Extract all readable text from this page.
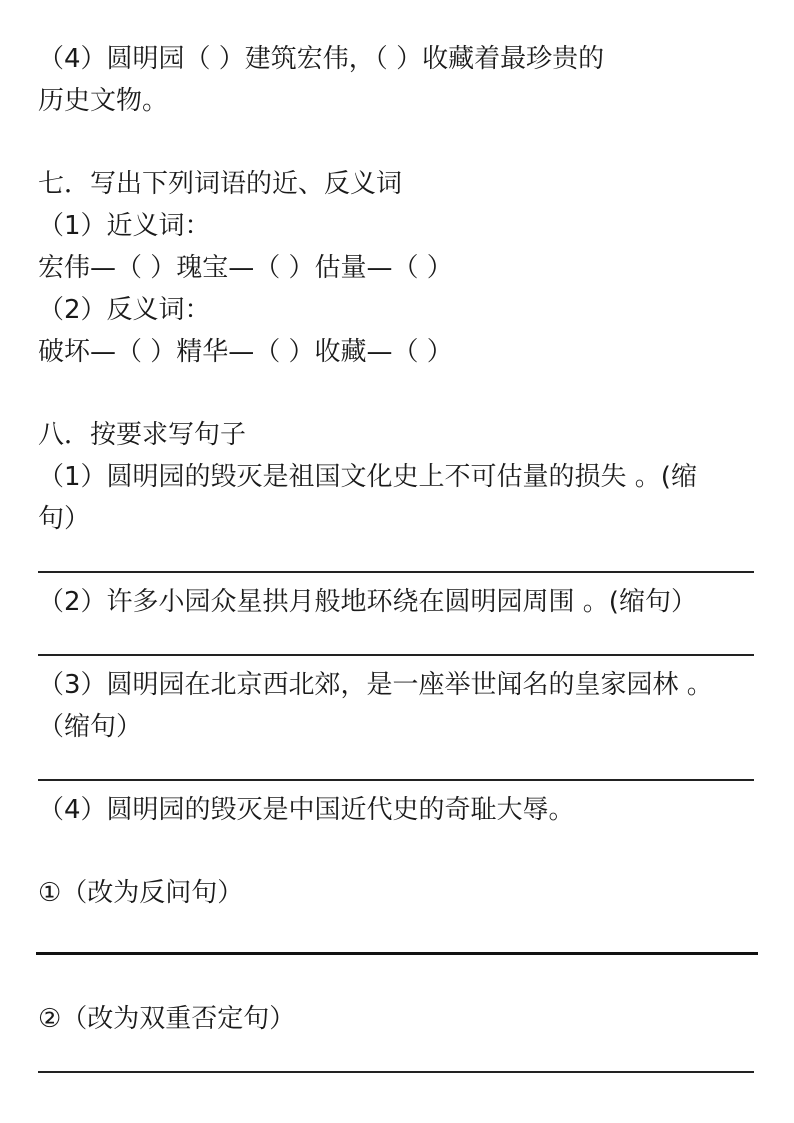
（4）圆明园（ ）建筑宏伟，（ ）收藏着最珍贵的
历史文物。
七．写出下列词语的近、反义词
（1）近义词：
宏伟—（ ）瑰宝—（ ）估量—（ ）
（2）反义词：
破坏—（ ）精华—（ ）收藏—（ ）
八．按要求写句子
（1）圆明园的毁灭是祖国文化史上不可估量的损失 。(缩
句）
（2）许多小园众星拱月般地环绕在圆明园周围 。(缩句）
（3）圆明园在北京西北郊，是一座举世闻名的皇家园林 。
（缩句）
（4）圆明园的毁灭是中国近代史的奇耻大辱。
①（改为反问句）
②（改为双重否定句）
